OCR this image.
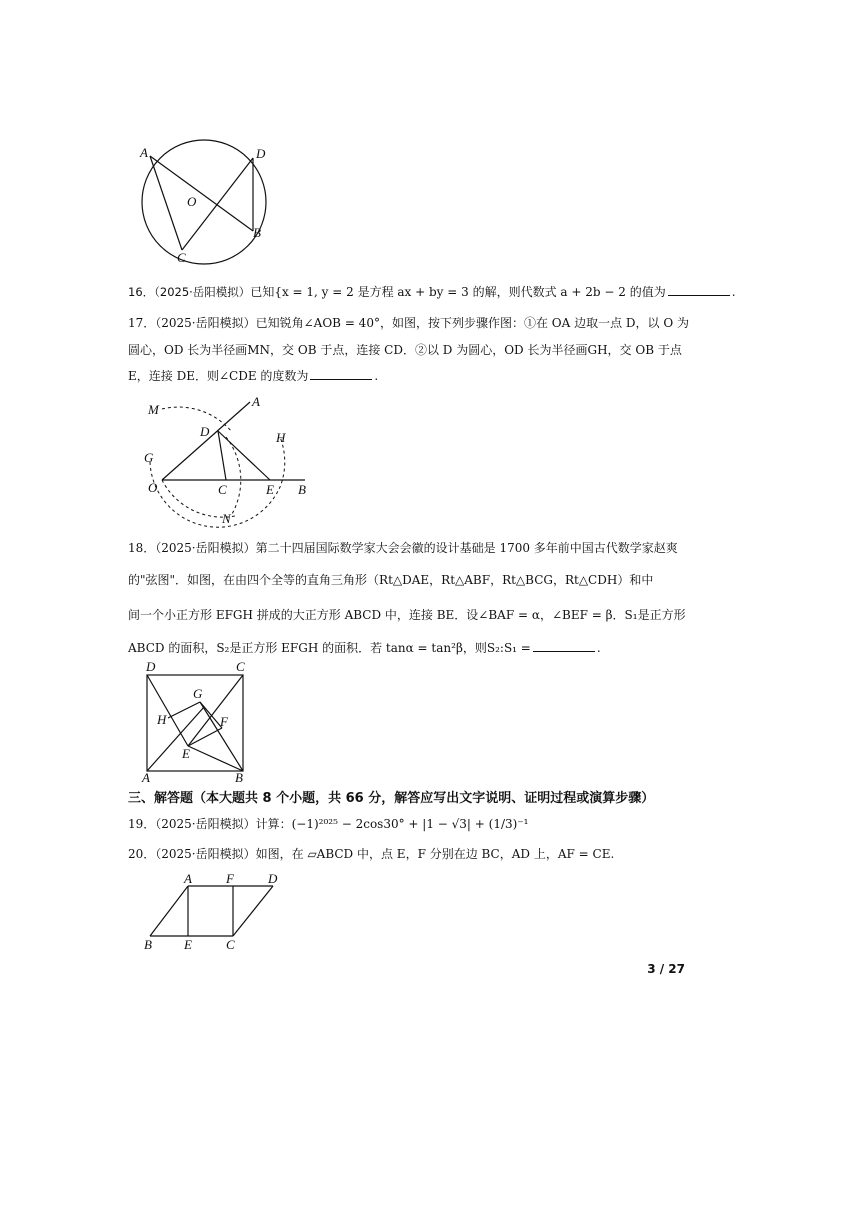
A	D
O
B
C
16．（2025·岳阳模拟）已知{x = 1, y = 2 是方程 ax + by = 3 的解，则代数式 a + 2b − 2 的值为	.
17．（2025·岳阳模拟）已知锐角∠AOB = 40°，如图，按下列步骤作图：①在 OA 边取一点 D，以 O 为
圆心，OD 长为半径画MN，交 OB 于点，连接 CD．②以 D 为圆心，OD 长为半径画GH，交 OB 于点
E，连接 DE．则∠CDE 的度数为	.
M
A
D	H
G
O	C	E B
N
18．（2025·岳阳模拟）第二十四届国际数学家大会会徽的设计基础是 1700 多年前中国古代数学家赵爽
的"弦图"．如图，在由四个全等的直角三角形（Rt△DAE，Rt△ABF，Rt△BCG，Rt△CDH）和中
间一个小正方形 EFGH 拼成的大正方形 ABCD 中，连接 BE．设∠BAF = α，∠BEF = β．S₁是正方形
ABCD 的面积，S₂是正方形 EFGH 的面积．若 tanα = tan²β，则S₂:S₁ =	.
D	C
G
H	F
E
A	B
三、解答题（本大题共 8 个小题，共 66 分，解答应写出文字说明、证明过程或演算步骤）
19．（2025·岳阳模拟）计算：(−1)²⁰²⁵ − 2cos30° + |1 − √3| + (1/3)⁻¹
20．（2025·岳阳模拟）如图，在 ▱ABCD 中，点 E，F 分别在边 BC，AD 上，AF = CE.
A	F	D
B E	C
3 / 27
